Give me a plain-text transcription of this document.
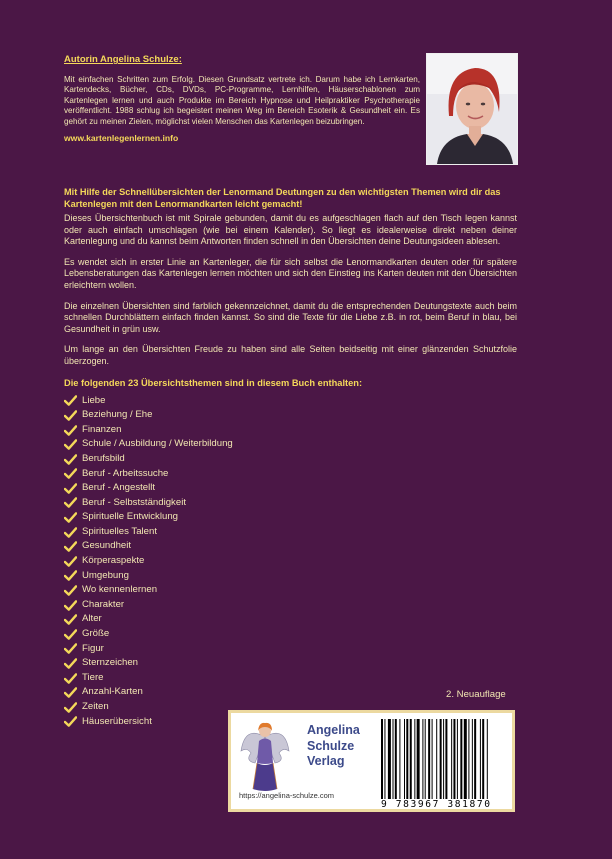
Autorin Angelina Schulze:
Mit einfachen Schritten zum Erfolg. Diesen Grundsatz vertrete ich. Darum habe ich Lernkarten, Kartendecks, Bücher, CDs, DVDs, PC-Programme, Lernhilfen, Häuserschablonen zum Kartenlegen lernen und auch Produkte im Bereich Hypnose und Heilpraktiker Psychotherapie veröffentlicht. 1988 schlug ich begeistert meinen Weg im Bereich Esoterik & Gesundheit ein. Es gehört zu meinen Zielen, möglichst vielen Menschen das Kartenlegen beizubringen.
www.kartenlegenlernen.info
Mit Hilfe der Schnellübersichten der Lenormand Deutungen zu den wichtigsten Themen wird dir das Kartenlegen mit den Lenormandkarten leicht gemacht!

Dieses Übersichtenbuch ist mit Spirale gebunden, damit du es aufgeschlagen flach auf den Tisch legen kannst oder auch einfach umschlagen (wie bei einem Kalender). So liegt es idealerweise direkt neben deiner Kartenlegung und du kannst beim Antworten finden schnell in den Übersichten deine Deutungsideen ablesen.

Es wendet sich in erster Linie an Kartenleger, die für sich selbst die Lenormandkarten deuten oder für spätere Lebensberatungen das Kartenlegen lernen möchten und sich den Einstieg ins Karten deuten mit den Übersichten erleichtern wollen.

Die einzelnen Übersichten sind farblich gekennzeichnet, damit du die entsprechenden Deutungstexte auch beim schnellen Durchblättern einfach finden kannst. So sind die Texte für die Liebe z.B. in rot, beim Beruf in blau, bei Gesundheit in grün usw.

Um lange an den Übersichten Freude zu haben sind alle Seiten beidseitig mit einer glänzenden Schutzfolie überzogen.

Die folgenden 23 Übersichtsthemen sind in diesem Buch enthalten:
Liebe
Beziehung / Ehe
Finanzen
Schule / Ausbildung / Weiterbildung
Berufsbild
Beruf - Arbeitssuche
Beruf - Angestellt
Beruf - Selbstständigkeit
Spirituelle Entwicklung
Spirituelles Talent
Gesundheit
Körperaspekte
Umgebung
Wo kennenlernen
Charakter
Alter
Größe
Figur
Sternzeichen
Tiere
Anzahl-Karten
Zeiten
Häuserübersicht
2. Neuauflage
Angelina
Schulze
Verlag
https://angelina-schulze.com
9 783967 381870
